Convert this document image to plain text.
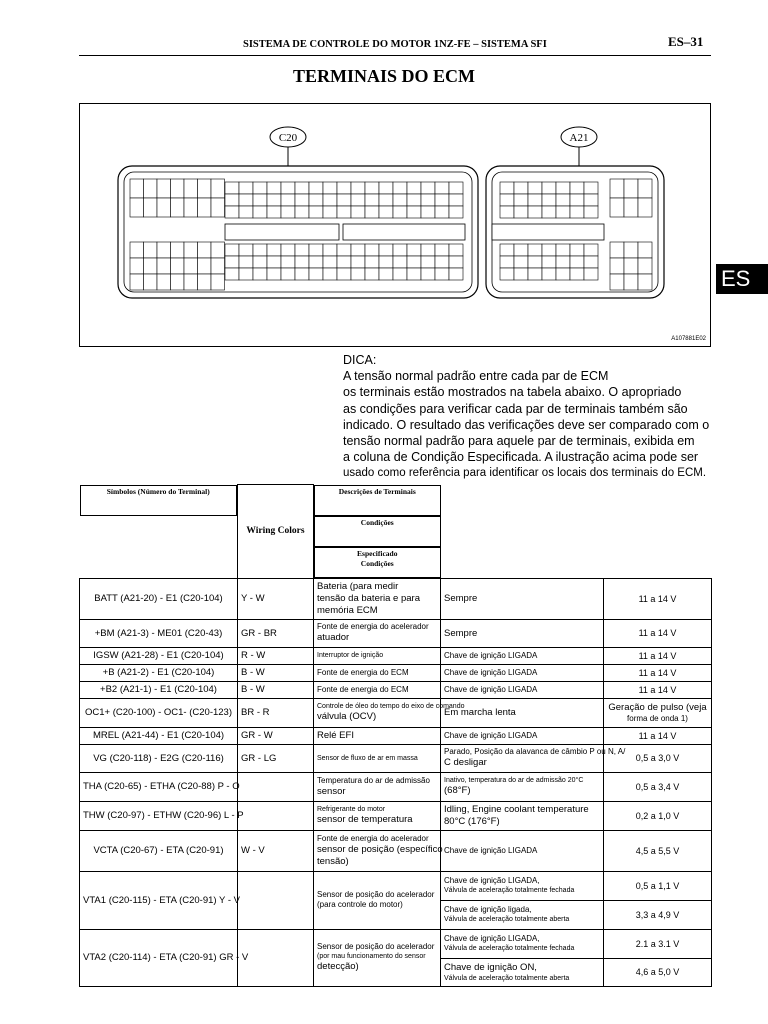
SISTEMA DE CONTROLE DO MOTOR 1NZ-FE – SISTEMA SFI	ES–31
TERMINAIS DO ECM
ES
C20	A21
A107881E02
DICA:
A tensão normal padrão entre cada par de ECM
os terminais estão mostrados na tabela abaixo. O apropriado
as condições para verificar cada par de terminais também são
indicado. O resultado das verificações deve ser comparado com o
tensão normal padrão para aquele par de terminais, exibida em
a coluna de Condição Especificada. A ilustração acima pode ser
usado como referência para identificar os locais dos terminais do ECM.
Símbolos (Número do Terminal)
Wiring Colors	
Descrições de Terminais
Condições
Especificado
Condições

BATT (A21-20) - E1 (C20-104)	Y - W	Bateria (para medir
tensão da bateria e para
memória ECM	Sempre	11 a 14 V
+BM (A21-3) - ME01 (C20-43)	GR - BR	Fonte de energia do acelerador
atuador	Sempre	11 a 14 V
IGSW (A21-28) - E1 (C20-104)	R - W	Interruptor de ignição	Chave de ignição LIGADA	11 a 14 V
+B (A21-2) - E1 (C20-104)	B - W	Fonte de energia do ECM	Chave de ignição LIGADA	11 a 14 V
+B2 (A21-1) - E1 (C20-104)	B - W	Fonte de energia do ECM	Chave de ignição LIGADA	11 a 14 V
OC1+ (C20-100) - OC1- (C20-123)	BR - R	Controle de óleo do tempo do eixo de comando
válvula (OCV)	Em marcha lenta	Geração de pulso (veja
forma de onda 1)

MREL (A21-44) - E1 (C20-104)	GR - W	Relé EFI	Chave de ignição LIGADA	11 a 14 V
VG (C20-118) - E2G (C20-116)	GR - LG	Sensor de fluxo de ar em massa	Parado, Posição da alavanca de câmbio P ou N, A/
C desligar	0,5 a 3,0 V
THA (C20-65) - ETHA (C20-88) P - O		Temperatura do ar de admissão
sensor	Inativo, temperatura do ar de admissão 20°C
(68°F)	0,5 a 3,4 V
THW (C20-97) - ETHW (C20-96) L - P		Refrigerante do motor
sensor de temperatura	Idling, Engine coolant temperature
80°C (176°F)	0,2 a 1,0 V
VCTA (C20-67) - ETA (C20-91)	W - V	Fonte de energia do acelerador
sensor de posição (específico
tensão)	Chave de ignição LIGADA	4,5 a 5,5 V
VTA1 (C20-115) - ETA (C20-91) Y - V		Sensor de posição do acelerador
(para controle do motor)	Chave de ignição LIGADA,
Válvula de aceleração totalmente fechada	0,5 a 1,1 V

			Chave de ignição ligada,
Válvula de aceleração totalmente aberta	3,3 a 4,9 V
VTA2 (C20-114) - ETA (C20-91) GR - V		Sensor de posição do acelerador
(por mau funcionamento do sensor
detecção)	Chave de ignição LIGADA,
Válvula de aceleração totalmente fechada	2.1 a 3.1 V

			Chave de ignição ON,
Válvula de aceleração totalmente aberta	4,6 a 5,0 V
